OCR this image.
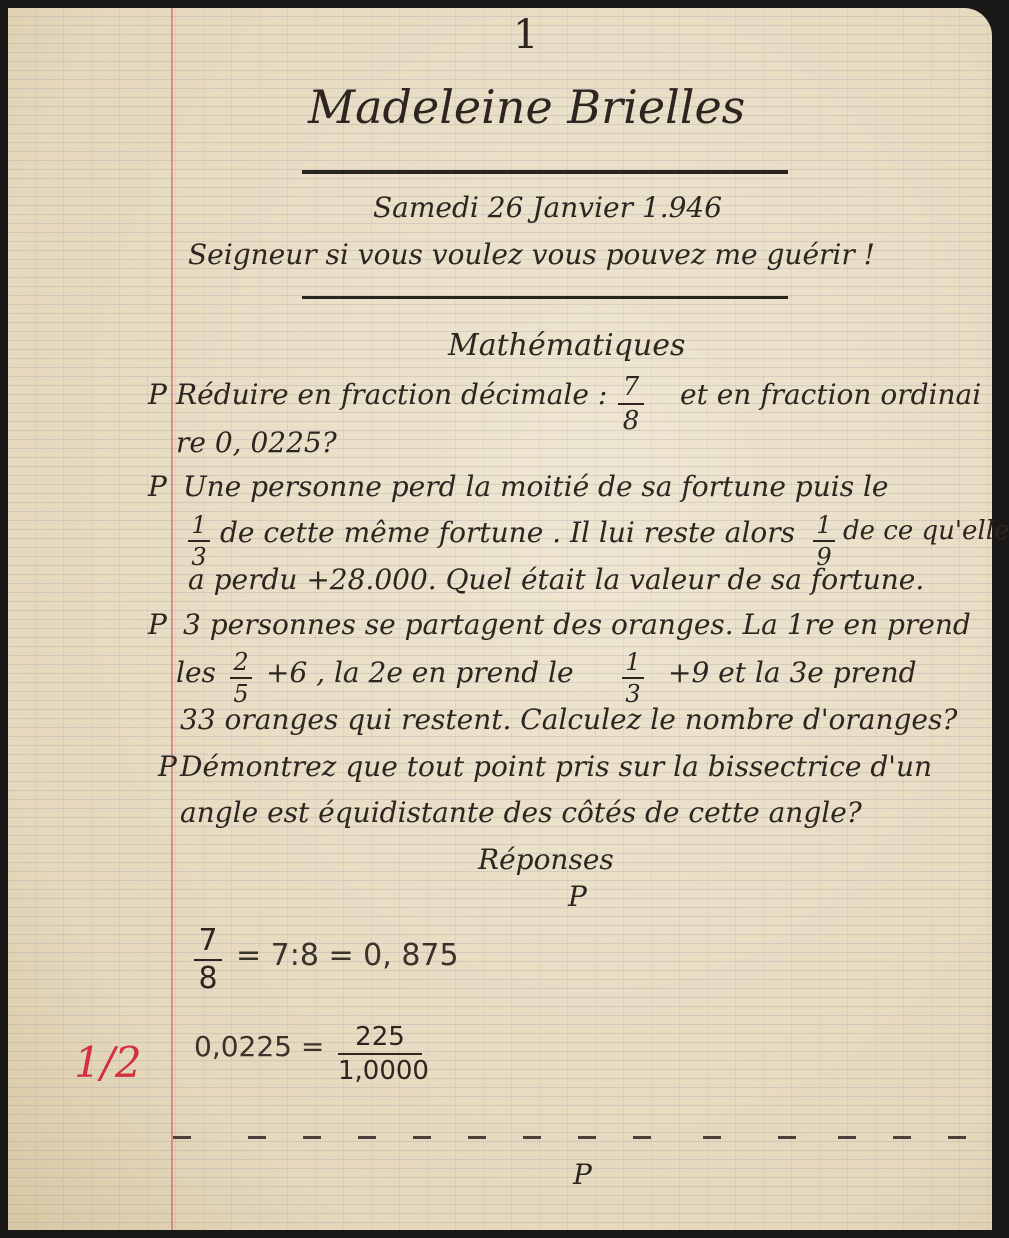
1
Madeleine Brielles
Samedi 26 Janvier 1.946
Seigneur si vous voulez vous pouvez me guérir !
Mathématiques
P Réduire en fraction décimale : 7
8
et en fraction ordinai
re 0, 0225?
P Une personne perd la moitié de sa fortune puis le
1
3
de cette même fortune . Il lui reste alors 1
9
de ce qu'elle
a perdu +28.000. Quel était la valeur de sa fortune.
P 3 personnes se partagent des oranges. La 1re en prend
les 2
5
+6 , la 2e en prend le 1
3
+9 et la 3e prend
33 oranges qui restent. Calculez le nombre d'oranges?
P Démontrez que tout point pris sur la bissectrice d'un
angle est équidistante des côtés de cette angle?
Réponses
P
7
8
= 7:8 = 0, 875
0,0225 =	225
1,0000
1/2
P
